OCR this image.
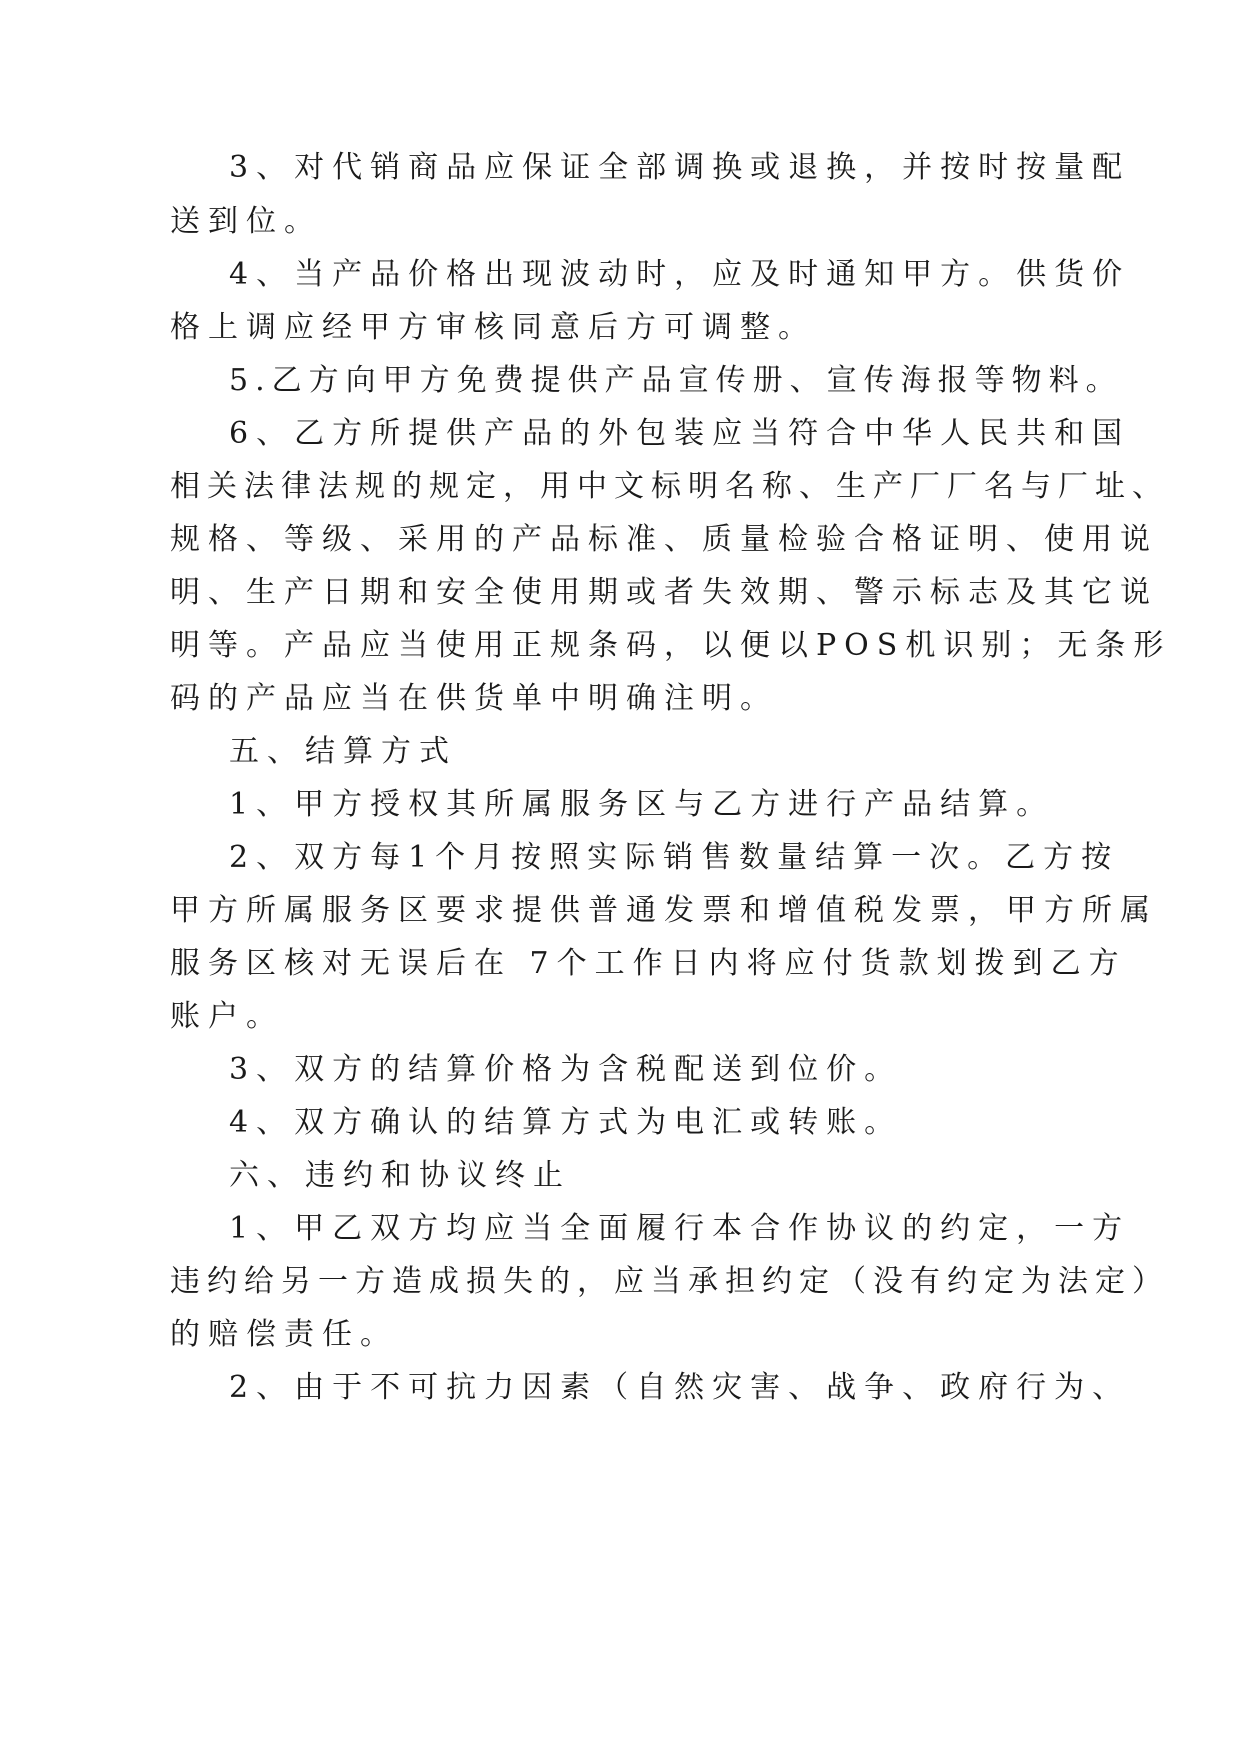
3、对代销商品应保证全部调换或退换，并按时按量配
送到位。
4、当产品价格出现波动时，应及时通知甲方。供货价
格上调应经甲方审核同意后方可调整。
5.乙方向甲方免费提供产品宣传册、宣传海报等物料。
6、乙方所提供产品的外包装应当符合中华人民共和国
相关法律法规的规定，用中文标明名称、生产厂厂名与厂址、
规格、等级、采用的产品标准、质量检验合格证明、使用说
明、生产日期和安全使用期或者失效期、警示标志及其它说
明等。产品应当使用正规条码，以便以POS机识别；无条形
码的产品应当在供货单中明确注明。
五、结算方式
1、甲方授权其所属服务区与乙方进行产品结算。
2、双方每1个月按照实际销售数量结算一次。乙方按
甲方所属服务区要求提供普通发票和增值税发票，甲方所属
服务区核对无误后在 7个工作日内将应付货款划拨到乙方
账户。
3、双方的结算价格为含税配送到位价。
4、双方确认的结算方式为电汇或转账。
六、违约和协议终止
1、甲乙双方均应当全面履行本合作协议的约定，一方
违约给另一方造成损失的，应当承担约定（没有约定为法定）
的赔偿责任。
2、由于不可抗力因素（自然灾害、战争、政府行为、
